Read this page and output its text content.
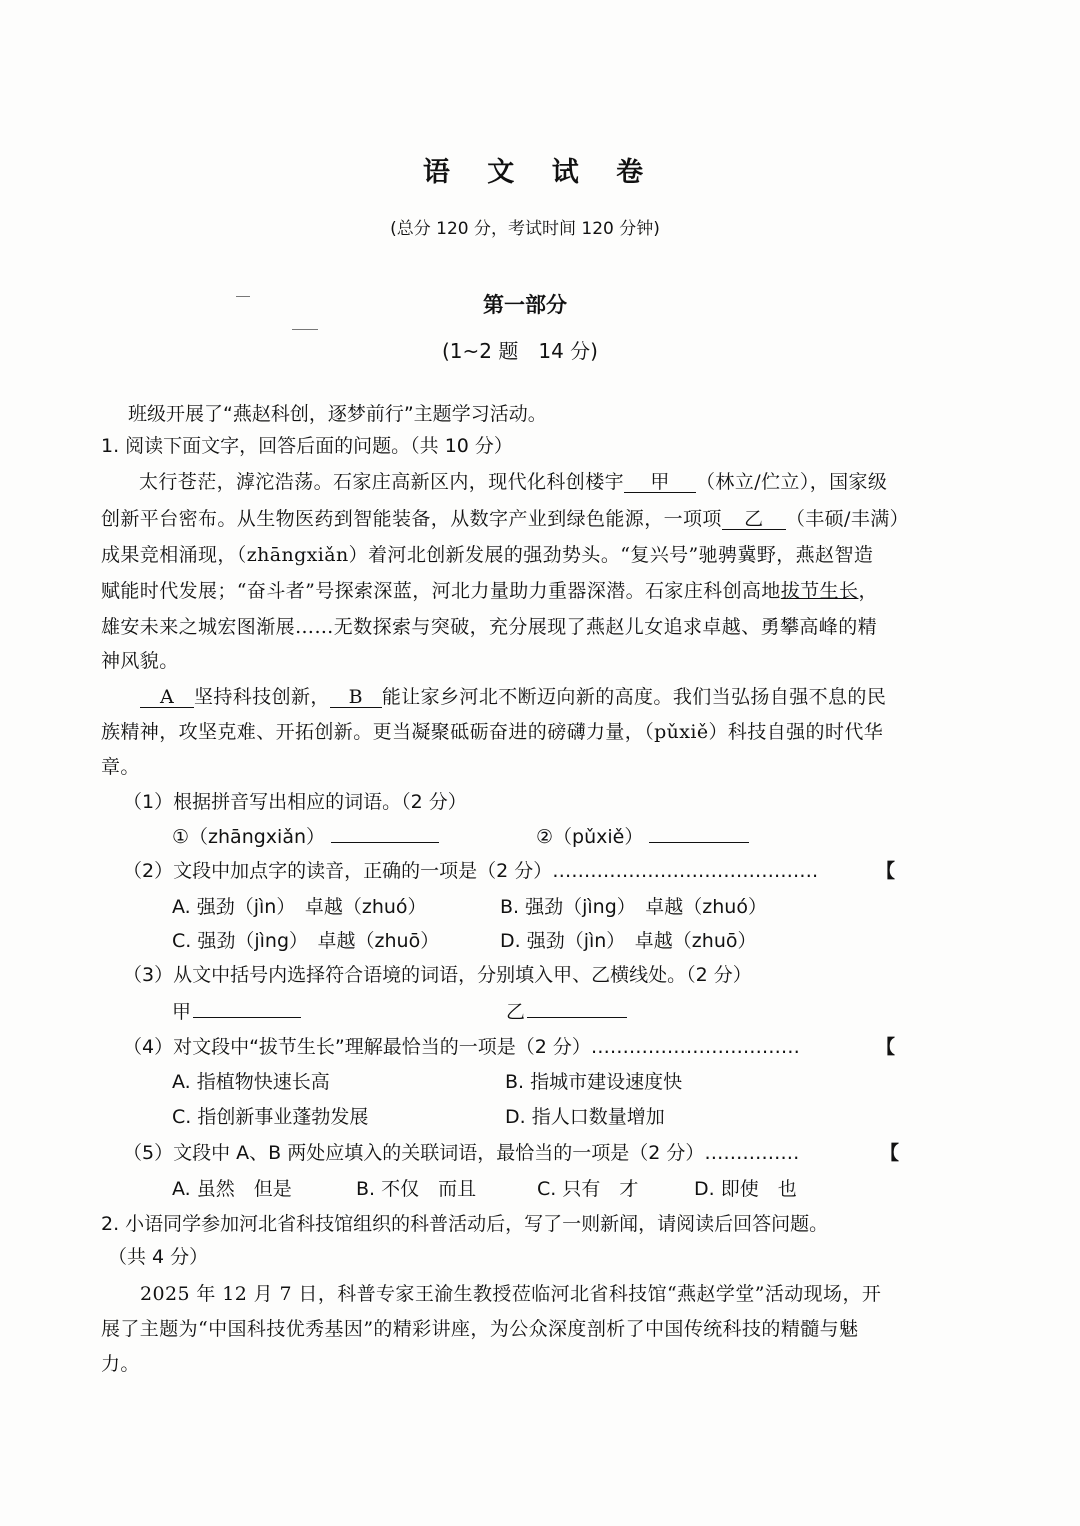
语 文 试 卷
(总分 120 分，考试时间 120 分钟)
第一部分
(1~2 题　14 分)
班级开展了“燕赵科创，逐梦前行”主题学习活动。
1. 阅读下面文字，回答后面的问题。（共 10 分）
太行苍茫，滹沱浩荡。石家庄高新区内，现代化科创楼宇 甲 （林立/伫立），国家级
创新平台密布。从生物医药到智能装备，从数字产业到绿色能源，一项项 乙 （丰硕/丰满）
成果竞相涌现，（zhāngxiǎn）着河北创新发展的强劲势头。“复兴号”驰骋冀野，燕赵智造
赋能时代发展；“奋斗者”号探索深蓝，河北力量助力重器深潜。石家庄科创高地拔节生长，
雄安未来之城宏图渐展……无数探索与突破，充分展现了燕赵儿女追求卓越、勇攀高峰的精
神风貌。
A 坚持科技创新， B 能让家乡河北不断迈向新的高度。我们当弘扬自强不息的民
族精神，攻坚克难、开拓创新。更当凝聚砥砺奋进的磅礴力量，（pǔxiě）科技自强的时代华
章。
（1）根据拼音写出相应的词语。（2 分）
①（zhāngxiǎn）	②（pǔxiě）
（2）文段中加点字的读音，正确的一项是（2 分）……………………………………	【
A. 强劲（jìn）　卓越（zhuó）	B. 强劲（jìng）　卓越（zhuó）
C. 强劲（jìng）　卓越（zhuō）	D. 强劲（jìn）　卓越（zhuō）
（3）从文中括号内选择符合语境的词语，分别填入甲、乙横线处。（2 分）
甲	乙
（4）对文段中“拔节生长”理解最恰当的一项是（2 分）……………………………	【
A. 指植物快速长高	B. 指城市建设速度快
C. 指创新事业蓬勃发展	D. 指人口数量增加
（5）文段中 A、B 两处应填入的关联词语，最恰当的一项是（2 分）……………	【
A. 虽然　但是	B. 不仅　而且	C. 只有　才	D. 即使　也
2. 小语同学参加河北省科技馆组织的科普活动后，写了一则新闻，请阅读后回答问题。
（共 4 分）
2025 年 12 月 7 日，科普专家王渝生教授莅临河北省科技馆“燕赵学堂”活动现场，开
展了主题为“中国科技优秀基因”的精彩讲座，为公众深度剖析了中国传统科技的精髓与魅
力。
